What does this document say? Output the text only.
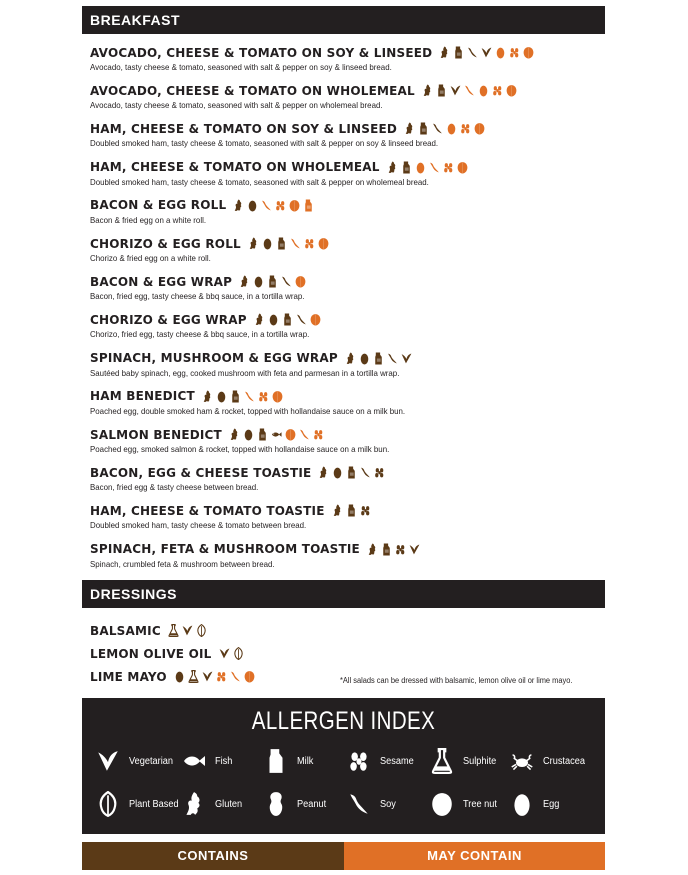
BREAKFAST
AVOCADO, CHEESE & TOMATO ON SOY & LINSEED
Avocado, tasty cheese & tomato, seasoned with salt & pepper on soy & linseed bread.
AVOCADO, CHEESE & TOMATO ON WHOLEMEAL
Avocado, tasty cheese & tomato, seasoned with salt & pepper on wholemeal bread.
HAM, CHEESE & TOMATO ON SOY & LINSEED
Doubled smoked ham, tasty cheese & tomato, seasoned with salt & pepper on soy & linseed bread.
HAM, CHEESE & TOMATO ON WHOLEMEAL
Doubled smoked ham, tasty cheese & tomato, seasoned with salt & pepper on wholemeal bread.
BACON & EGG ROLL
Bacon & fried egg on a white roll.
CHORIZO & EGG ROLL
Chorizo & fried egg on a white roll.
BACON & EGG WRAP
Bacon, fried egg, tasty cheese & bbq sauce, in a tortilla wrap.
CHORIZO & EGG WRAP
Chorizo, fried egg, tasty cheese & bbq sauce, in a tortilla wrap.
SPINACH, MUSHROOM & EGG WRAP
Sautéed baby spinach, egg, cooked mushroom with feta and parmesan in a tortilla wrap.
HAM BENEDICT
Poached egg, double smoked ham & rocket, topped with hollandaise sauce on a milk bun.
SALMON BENEDICT
Poached egg, smoked salmon & rocket, topped with hollandaise sauce on a milk bun.
BACON, EGG & CHEESE TOASTIE
Bacon, fried egg & tasty cheese between bread.
HAM, CHEESE & TOMATO TOASTIE
Doubled smoked ham, tasty cheese & tomato between bread.
SPINACH, FETA & MUSHROOM TOASTIE
Spinach, crumbled feta & mushroom between bread.
DRESSINGS
BALSAMIC
LEMON OLIVE OIL
LIME MAYO	*All salads can be dressed with balsamic, lemon olive oil or lime mayo.
ALLERGEN INDEX
Vegetarian	Fish	Milk	Sesame	Sulphite	Crustacea
Plant Based	Gluten	Peanut	Soy	Tree nut	Egg
CONTAINS	MAY CONTAIN
